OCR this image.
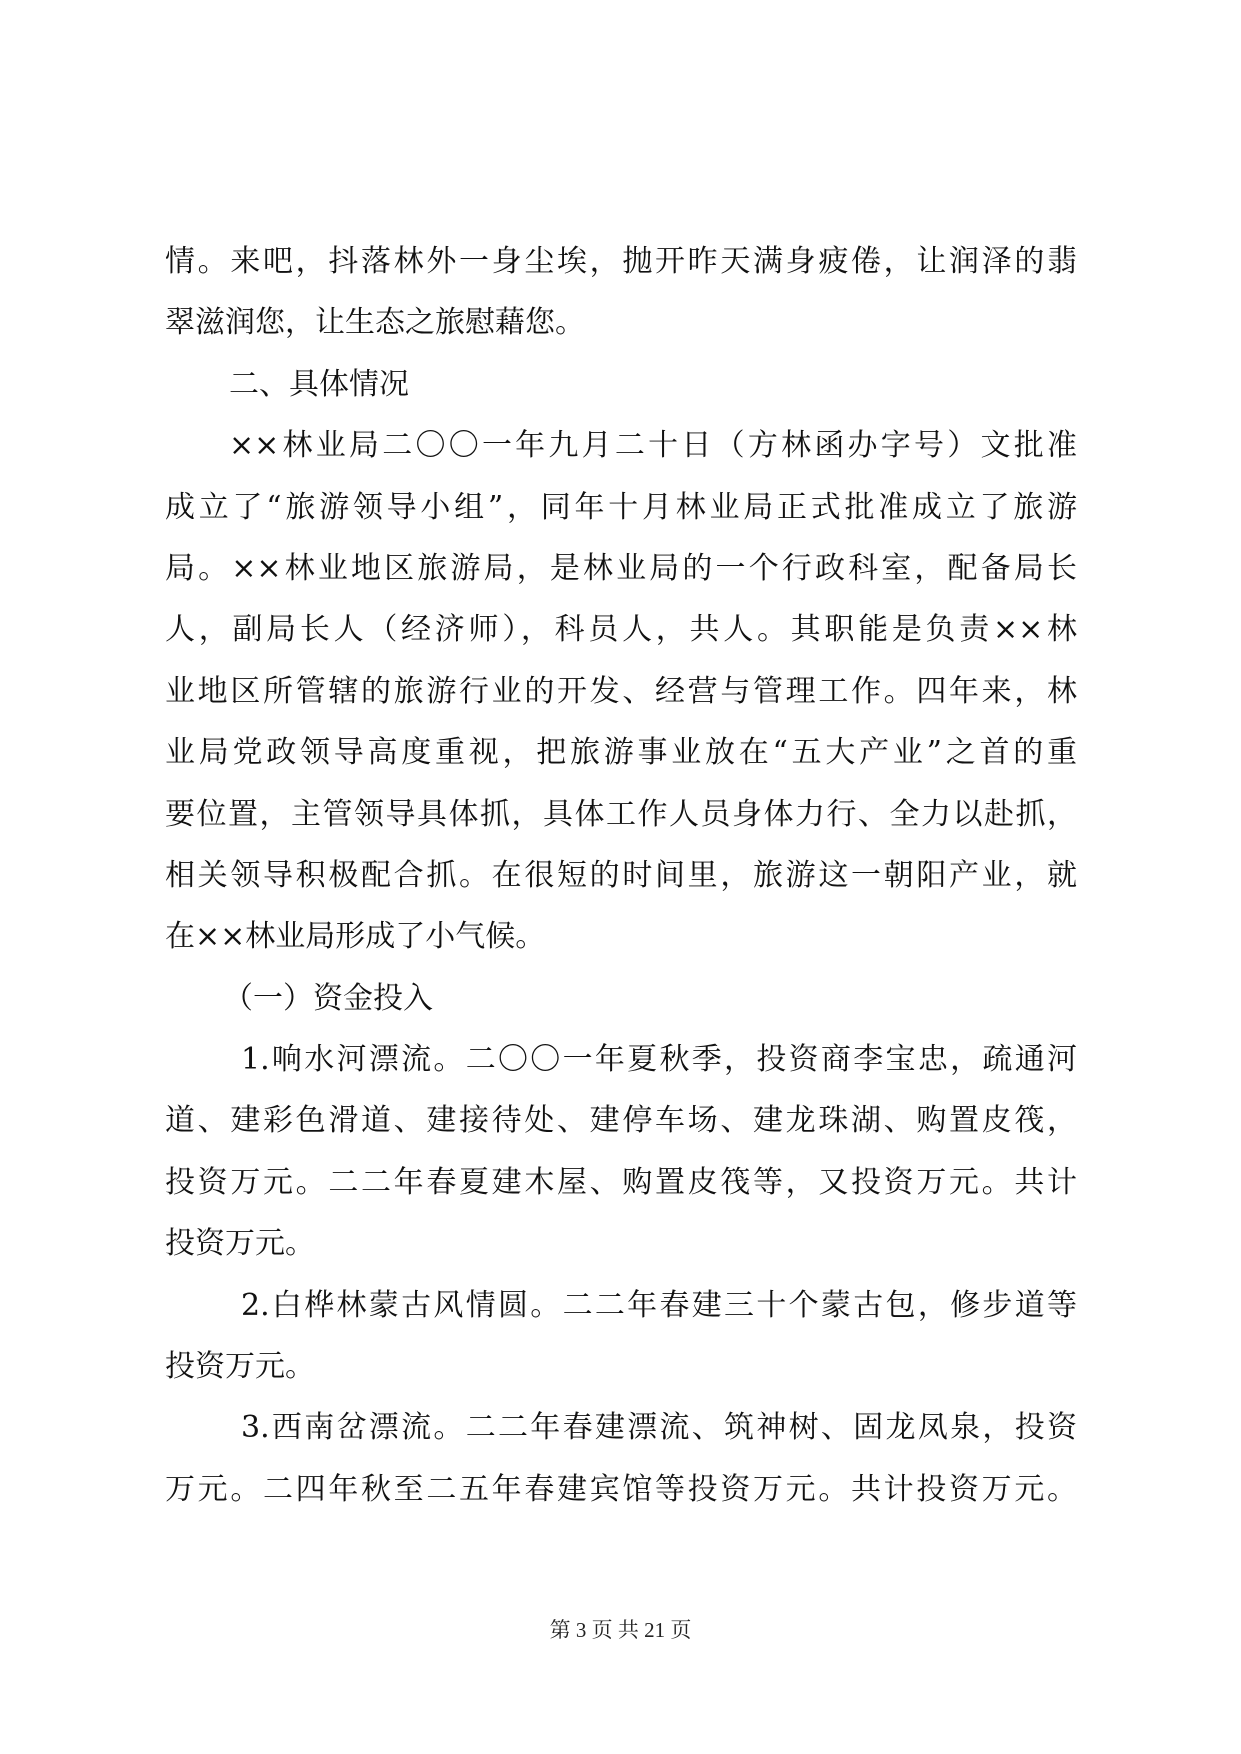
情。来吧，抖落林外一身尘埃，抛开昨天满身疲倦，让润泽的翡
翠滋润您，让生态之旅慰藉您。
二、具体情况
××林业局二〇〇一年九月二十日（方林函办字号）文批准
成立了“旅游领导小组”，同年十月林业局正式批准成立了旅游
局。××林业地区旅游局，是林业局的一个行政科室，配备局长
人，副局长人（经济师），科员人，共人。其职能是负责××林
业地区所管辖的旅游行业的开发、经营与管理工作。四年来，林
业局党政领导高度重视，把旅游事业放在“五大产业”之首的重
要位置，主管领导具体抓，具体工作人员身体力行、全力以赴抓，
相关领导积极配合抓。在很短的时间里，旅游这一朝阳产业，就
在××林业局形成了小气候。
（一）资金投入
1.响水河漂流。二〇〇一年夏秋季，投资商李宝忠，疏通河
道、建彩色滑道、建接待处、建停车场、建龙珠湖、购置皮筏，
投资万元。二二年春夏建木屋、购置皮筏等，又投资万元。共计
投资万元。
2.白桦林蒙古风情圆。二二年春建三十个蒙古包，修步道等
投资万元。
3.西南岔漂流。二二年春建漂流、筑神树、固龙凤泉，投资
万元。二四年秋至二五年春建宾馆等投资万元。共计投资万元。
第 3 页 共 21 页
